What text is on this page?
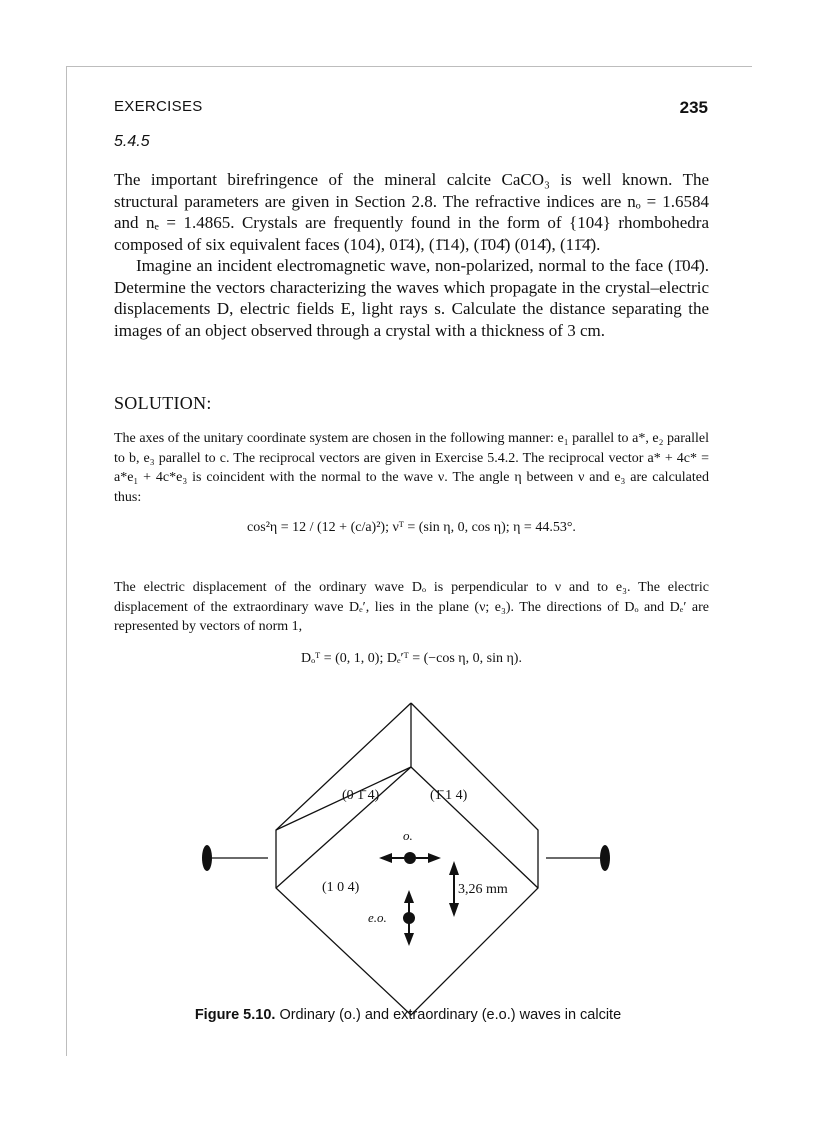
EXERCISES	235
5.4.5

The important birefringence of the mineral calcite CaCO₃ is well known. The structural parameters are given in Section 2.8. The refractive indices are nₒ = 1.6584 and nₑ = 1.4865. Crystals are frequently found in the form of {104} rhombohedra composed of six equivalent faces (104), 01̄4), (1̄14), (1̄04̄) (014̄), (11̄4̄).

Imagine an incident electromagnetic wave, non-polarized, normal to the face (1̄04̄). Determine the vectors characterizing the waves which propagate in the crystal–electric displacements D, electric fields E, light rays s. Calculate the distance separating the images of an object observed through a crystal with a thickness of 3 cm.

SOLUTION:

The axes of the unitary coordinate system are chosen in the following manner: e₁ parallel to a*, e₂ parallel to b, e₃ parallel to c. The reciprocal vectors are given in Exercise 5.4.2. The reciprocal vector a* + 4c* = a*e₁ + 4c*e₃ is coincident with the normal to the wave ν. The angle η between ν and e₃ are calculated thus:

cos²η = 12 / (12 + (c/a)²); νᵀ = (sin η, 0, cos η); η = 44.53°.

The electric displacement of the ordinary wave Dₒ is perpendicular to ν and to e₃. The electric displacement of the extraordinary wave Dₑ′, lies in the plane (ν; e₃). The directions of Dₒ and Dₑ′ are represented by vectors of norm 1,

Dₒᵀ = (0, 1, 0); Dₑ′ᵀ = (−cos η, 0, sin η).
(0 1̄ 4)	(1̄ 1 4)
(1 0 4)
o.
e.o.
3,26 mm
Figure 5.10. Ordinary (o.) and extraordinary (e.o.) waves in calcite
